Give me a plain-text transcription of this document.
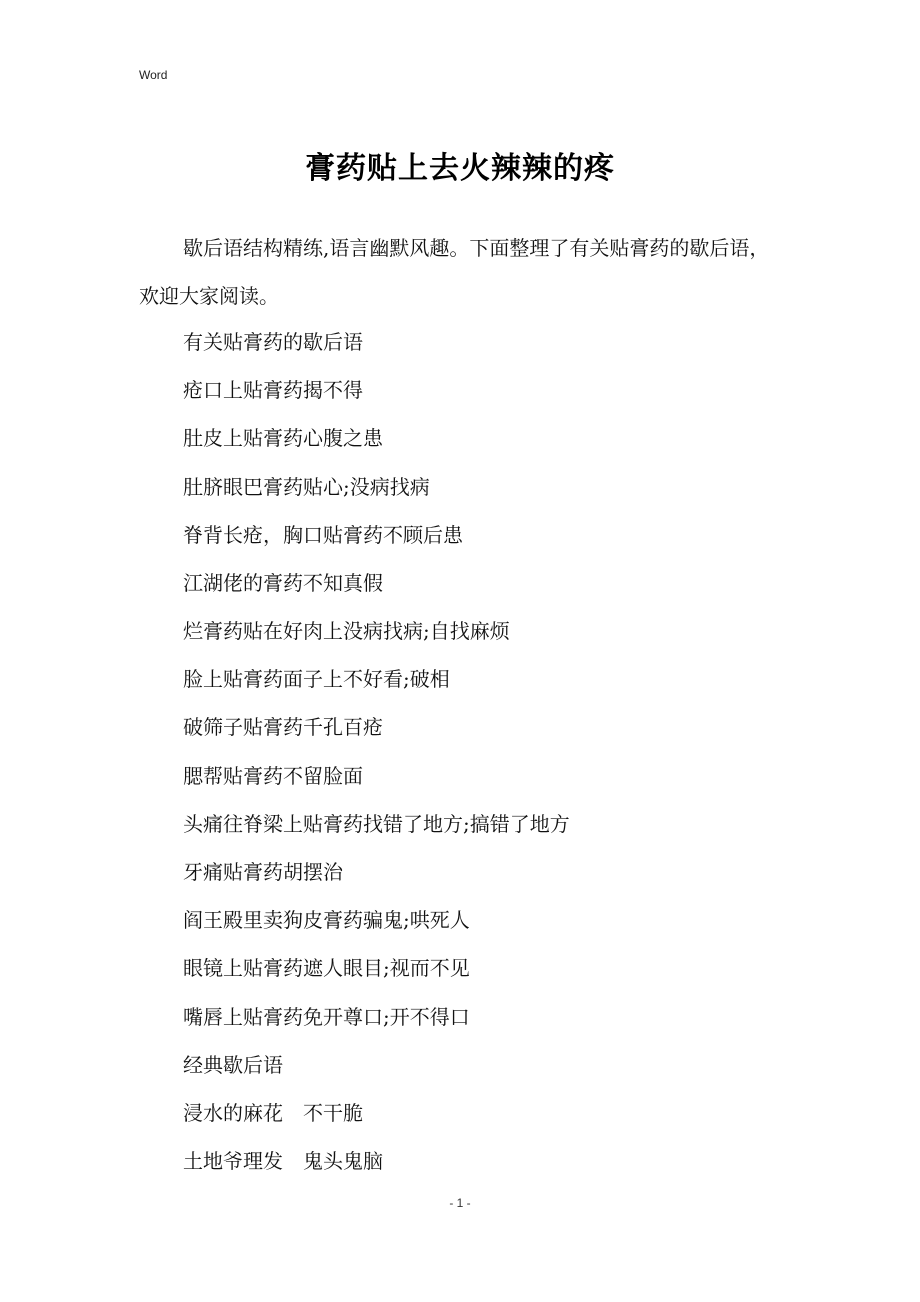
Word
膏药贴上去火辣辣的疼
歇后语结构精练,语言幽默风趣。下面整理了有关贴膏药的歇后语，欢迎大家阅读。
有关贴膏药的歇后语
疮口上贴膏药揭不得
肚皮上贴膏药心腹之患
肚脐眼巴膏药贴心;没病找病
脊背长疮，胸口贴膏药不顾后患
江湖佬的膏药不知真假
烂膏药贴在好肉上没病找病;自找麻烦
脸上贴膏药面子上不好看;破相
破筛子贴膏药千孔百疮
腮帮贴膏药不留脸面
头痛往脊梁上贴膏药找错了地方;搞错了地方
牙痛贴膏药胡摆治
阎王殿里卖狗皮膏药骗鬼;哄死人
眼镜上贴膏药遮人眼目;视而不见
嘴唇上贴膏药免开尊口;开不得口
经典歇后语
浸水的麻花　不干脆
土地爷理发　鬼头鬼脑
- 1 -
